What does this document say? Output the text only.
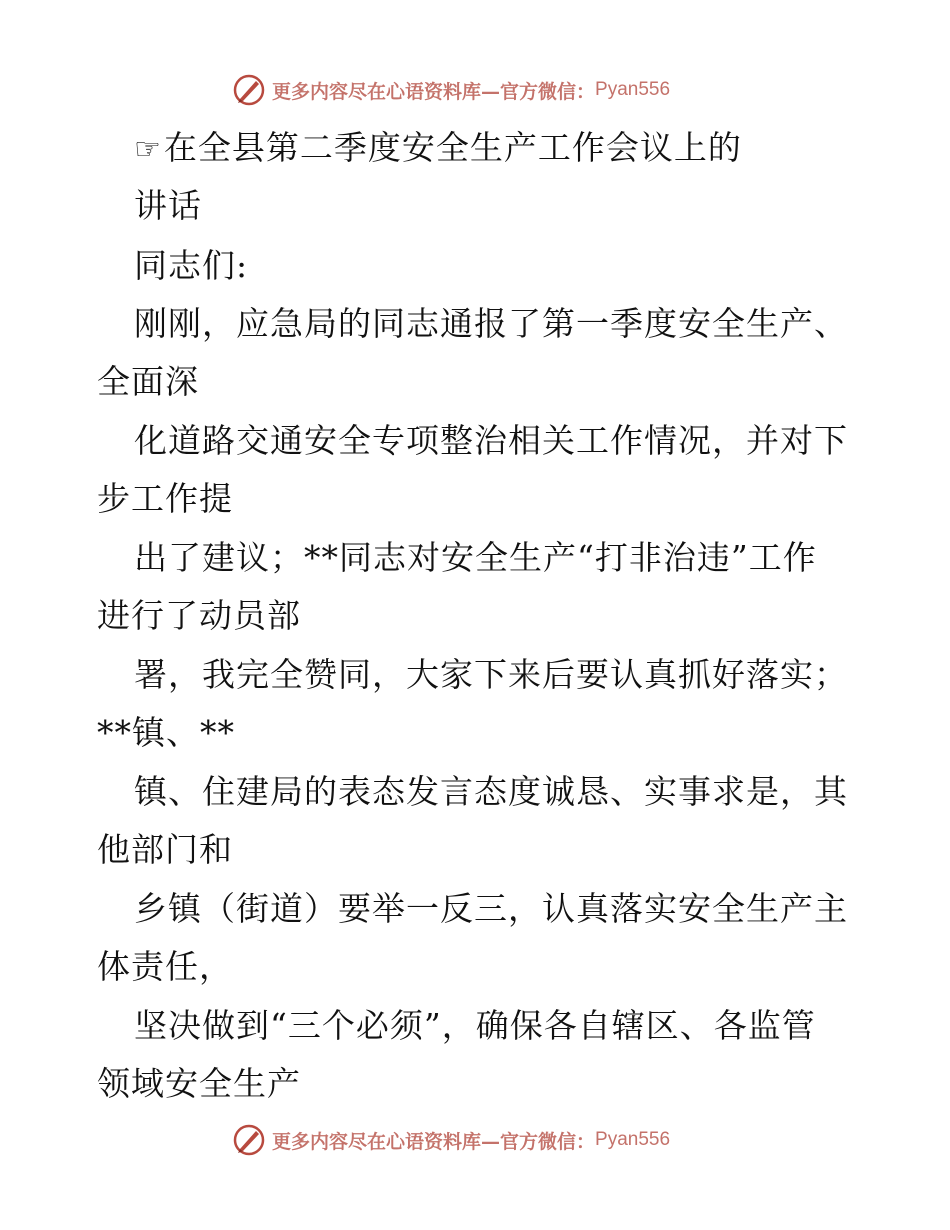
更多内容尽在心语资料库—官方微信： Pyan556
☞在全县第二季度安全生产工作会议上的
讲话
同志们:
刚刚，应急局的同志通报了第一季度安全生产、
全面深
化道路交通安全专项整治相关工作情况，并对下
步工作提
出了建议；**同志对安全生产“打非治违”工作
进行了动员部
署，我完全赞同，大家下来后要认真抓好落实；
**镇、**
镇、住建局的表态发言态度诚恳、实事求是，其
他部门和
乡镇（街道）要举一反三，认真落实安全生产主
体责任，
坚决做到“三个必须”，确保各自辖区、各监管
领域安全生产
更多内容尽在心语资料库—官方微信： Pyan556
